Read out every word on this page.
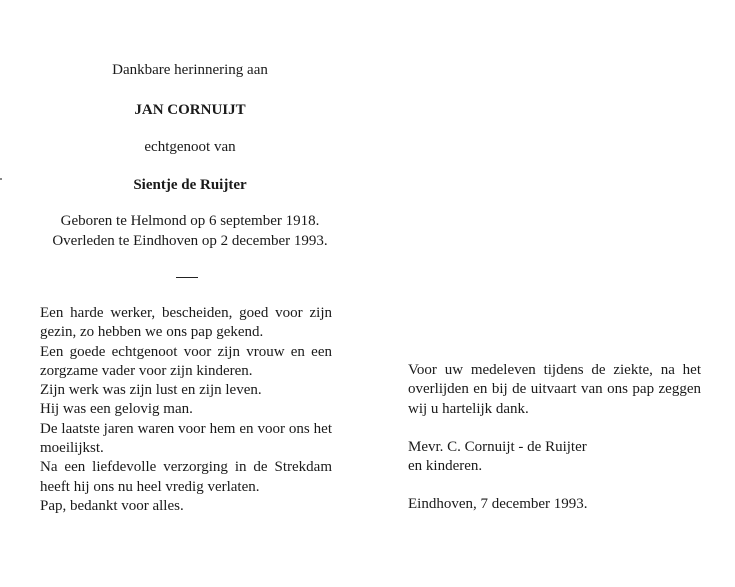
Dankbare herinnering aan
JAN CORNUIJT
echtgenoot van
Sientje de Ruijter
Geboren te Helmond op 6 september 1918.
Overleden te Eindhoven op 2 december 1993.
Een harde werker, bescheiden, goed voor zijn
gezin, zo hebben we ons pap gekend.
Een goede echtgenoot voor zijn vrouw en een
zorgzame vader voor zijn kinderen.
Zijn werk was zijn lust en zijn leven.
Hij was een gelovig man.
De laatste jaren waren voor hem en voor ons het
moeilijkst.
Na een liefdevolle verzorging in de Strekdam
heeft hij ons nu heel vredig verlaten.
Pap, bedankt voor alles.
Voor uw medeleven tijdens de ziekte, na het
overlijden en bij de uitvaart van ons pap zeggen
wij u hartelijk dank.
Mevr. C. Cornuijt - de Ruijter
en kinderen.
Eindhoven, 7 december 1993.
